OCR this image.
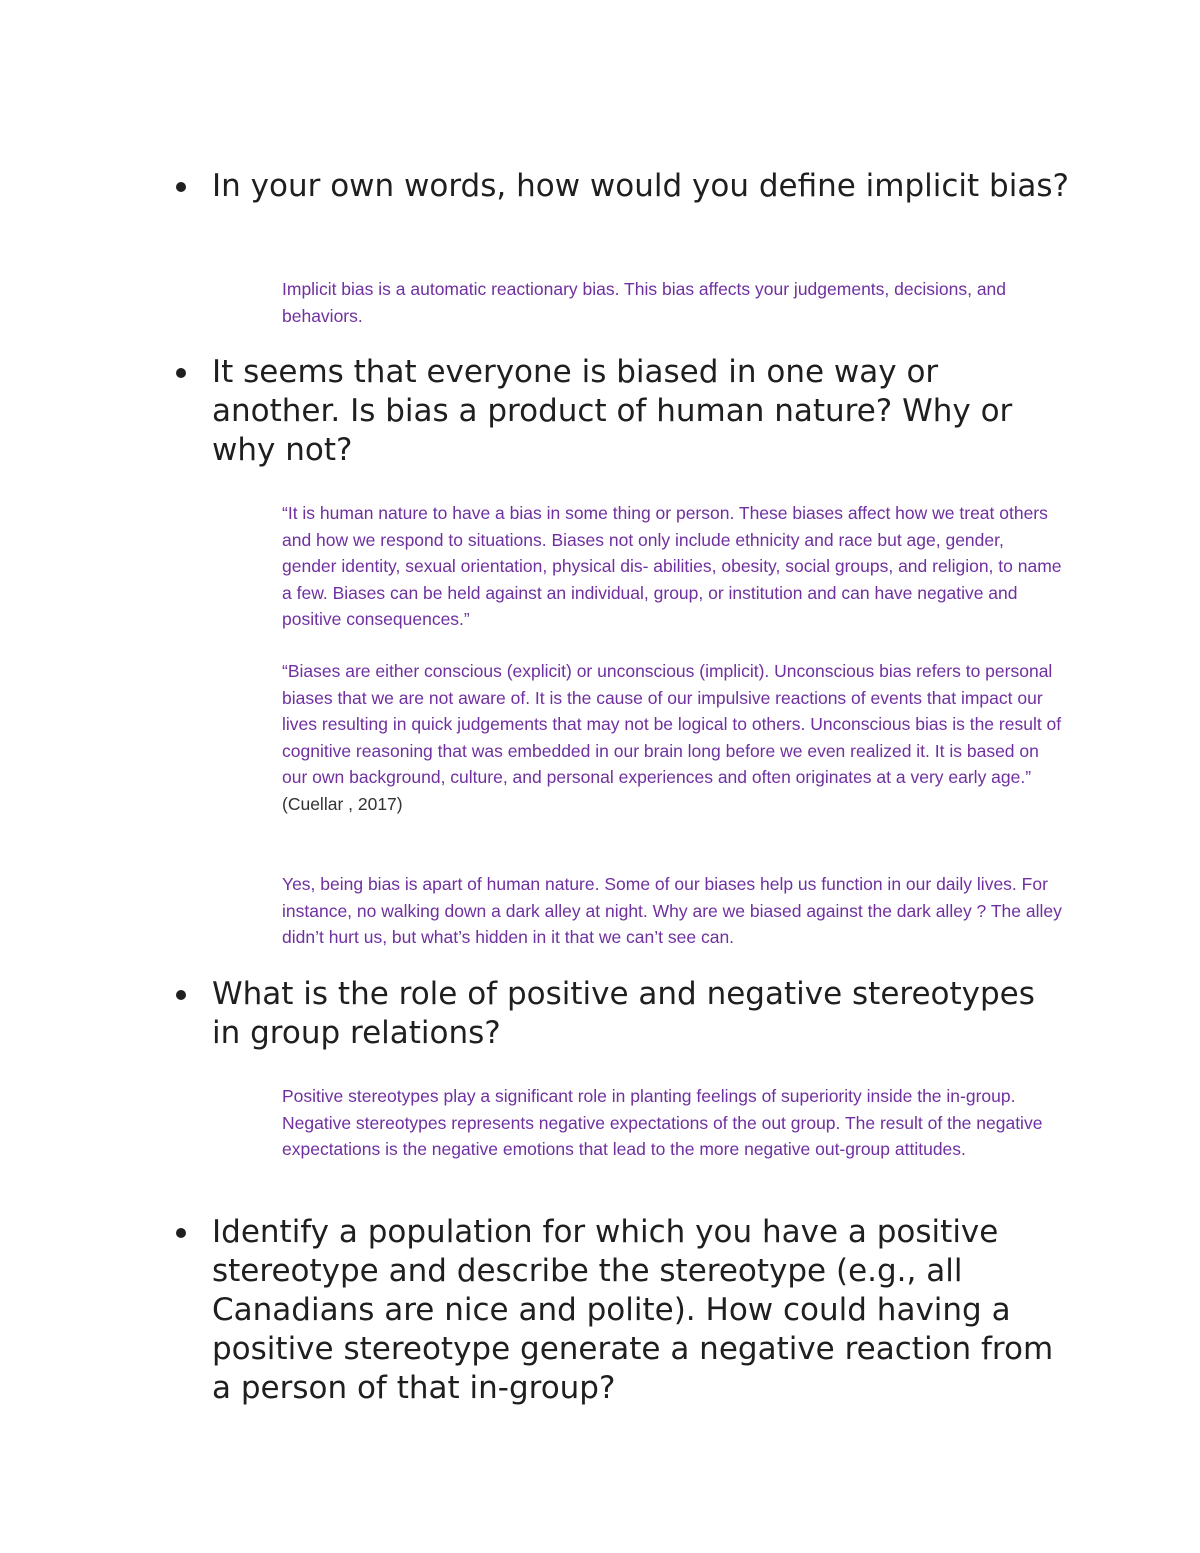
In your own words, how would you define implicit bias?
Implicit bias is a automatic reactionary bias. This bias affects your judgements, decisions, and behaviors.
It seems that everyone is biased in one way or another. Is bias a product of human nature? Why or why not?
“It is human nature to have a bias in some thing or person. These biases affect how we treat others and how we respond to situations. Biases not only include ethnicity and race but age, gender, gender identity, sexual orientation, physical dis- abilities, obesity, social groups, and religion, to name a few. Biases can be held against an individual, group, or institution and can have negative and positive consequences.”
“Biases are either conscious (explicit) or unconscious (implicit). Unconscious bias refers to personal biases that we are not aware of. It is the cause of our impulsive reactions of events that impact our lives resulting in quick judgements that may not be logical to others. Unconscious bias is the result of cognitive reasoning that was embedded in our brain long before we even realized it. It is based on our own background, culture, and personal experiences and often originates at a very early age.” (Cuellar , 2017)
Yes, being bias is apart of human nature. Some of our biases help us function in our daily lives. For instance, no walking down a dark alley at night. Why are we biased against the dark alley ? The alley didn’t hurt us, but what’s hidden in it that we can’t see can.
What is the role of positive and negative stereotypes in group relations?
Positive stereotypes play a significant role in planting feelings of superiority inside the in-group. Negative stereotypes represents negative expectations of the out group. The result of the negative expectations is the negative emotions that lead to the more negative out-group attitudes.
Identify a population for which you have a positive stereotype and describe the stereotype (e.g., all Canadians are nice and polite). How could having a positive stereotype generate a negative reaction from a person of that in-group?
